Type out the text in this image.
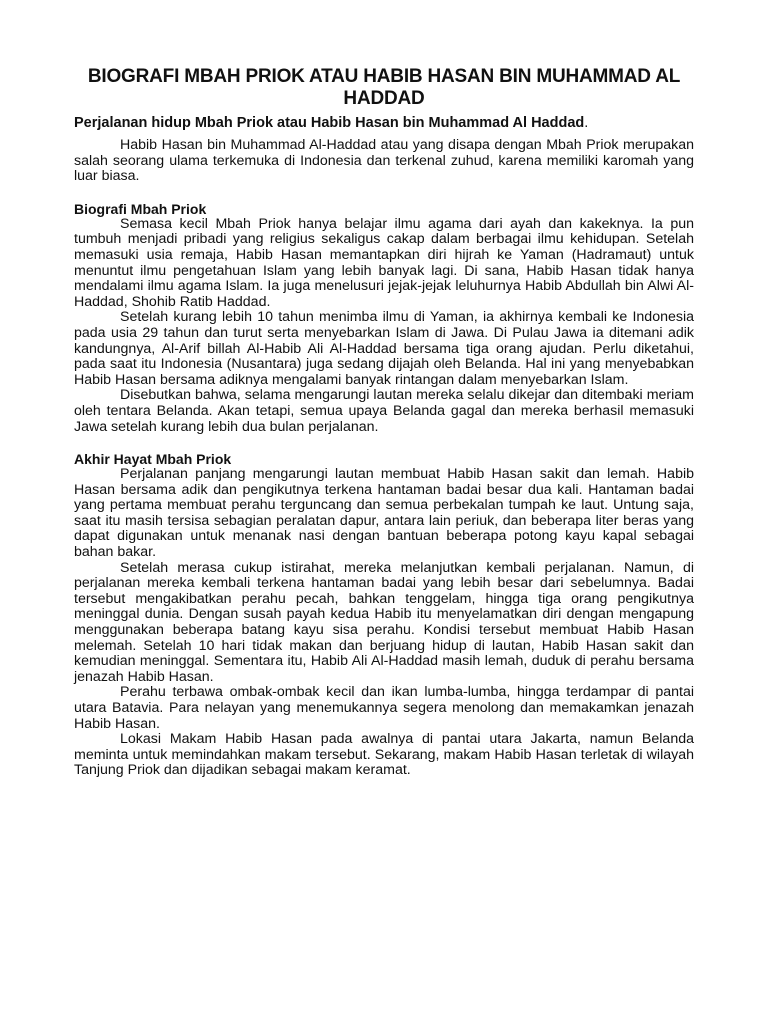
BIOGRAFI MBAH PRIOK ATAU HABIB HASAN BIN MUHAMMAD AL HADDAD

Perjalanan hidup Mbah Priok atau Habib Hasan bin Muhammad Al Haddad.

Habib Hasan bin Muhammad Al-Haddad atau yang disapa dengan Mbah Priok merupakan salah seorang ulama terkemuka di Indonesia dan terkenal zuhud, karena memiliki karomah yang luar biasa.

Biografi Mbah Priok

Semasa kecil Mbah Priok hanya belajar ilmu agama dari ayah dan kakeknya. Ia pun tumbuh menjadi pribadi yang religius sekaligus cakap dalam berbagai ilmu kehidupan. Setelah memasuki usia remaja, Habib Hasan memantapkan diri hijrah ke Yaman (Hadramaut) untuk menuntut ilmu pengetahuan Islam yang lebih banyak lagi. Di sana, Habib Hasan tidak hanya mendalami ilmu agama Islam. Ia juga menelusuri jejak-jejak leluhurnya Habib Abdullah bin Alwi Al-Haddad, Shohib Ratib Haddad.

Setelah kurang lebih 10 tahun menimba ilmu di Yaman, ia akhirnya kembali ke Indonesia pada usia 29 tahun dan turut serta menyebarkan Islam di Jawa. Di Pulau Jawa ia ditemani adik kandungnya, Al-Arif billah Al-Habib Ali Al-Haddad bersama tiga orang ajudan. Perlu diketahui, pada saat itu Indonesia (Nusantara) juga sedang dijajah oleh Belanda. Hal ini yang menyebabkan Habib Hasan bersama adiknya mengalami banyak rintangan dalam menyebarkan Islam.

Disebutkan bahwa, selama mengarungi lautan mereka selalu dikejar dan ditembaki meriam oleh tentara Belanda. Akan tetapi, semua upaya Belanda gagal dan mereka berhasil memasuki Jawa setelah kurang lebih dua bulan perjalanan.

Akhir Hayat Mbah Priok

Perjalanan panjang mengarungi lautan membuat Habib Hasan sakit dan lemah. Habib Hasan bersama adik dan pengikutnya terkena hantaman badai besar dua kali. Hantaman badai yang pertama membuat perahu terguncang dan semua perbekalan tumpah ke laut. Untung saja, saat itu masih tersisa sebagian peralatan dapur, antara lain periuk, dan beberapa liter beras yang dapat digunakan untuk menanak nasi dengan bantuan beberapa potong kayu kapal sebagai bahan bakar.

Setelah merasa cukup istirahat, mereka melanjutkan kembali perjalanan. Namun, di perjalanan mereka kembali terkena hantaman badai yang lebih besar dari sebelumnya. Badai tersebut mengakibatkan perahu pecah, bahkan tenggelam, hingga tiga orang pengikutnya meninggal dunia. Dengan susah payah kedua Habib itu menyelamatkan diri dengan mengapung menggunakan beberapa batang kayu sisa perahu. Kondisi tersebut membuat Habib Hasan melemah. Setelah 10 hari tidak makan dan berjuang hidup di lautan, Habib Hasan sakit dan kemudian meninggal. Sementara itu, Habib Ali Al-Haddad masih lemah, duduk di perahu bersama jenazah Habib Hasan.

Perahu terbawa ombak-ombak kecil dan ikan lumba-lumba, hingga terdampar di pantai utara Batavia. Para nelayan yang menemukannya segera menolong dan memakamkan jenazah Habib Hasan.

Lokasi Makam Habib Hasan pada awalnya di pantai utara Jakarta, namun Belanda meminta untuk memindahkan makam tersebut. Sekarang, makam Habib Hasan terletak di wilayah Tanjung Priok dan dijadikan sebagai makam keramat.
